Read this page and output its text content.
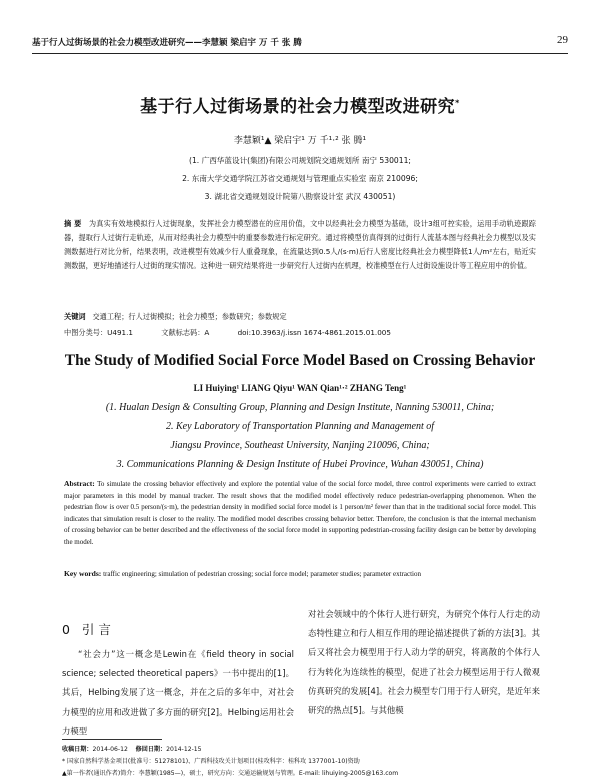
基于行人过街场景的社会力模型改进研究——李慧颖 梁启宇 万 千 张 腾	29
基于行人过街场景的社会力模型改进研究*
李慧颖¹▲ 梁启宇¹ 万 千¹·² 张 腾¹
(1. 广西华蓝设计(集团)有限公司规划院交通规划所 南宁 530011;
2. 东南大学交通学院江苏省交通规划与管理重点实验室 南京 210096;
3. 湖北省交通规划设计院第八勘察设计室 武汉 430051)
摘 要 为真实有效地模拟行人过街现象，发挥社会力模型潜在的应用价值，文中以经典社会力模型为基础，设计3组可控实验，运用手动轨迹跟踪器，提取行人过街行走轨迹，从而对经典社会力模型中的重要参数进行标定研究。通过将模型仿真得到的过街行人流基本图与经典社会力模型以及实测数据进行对比分析，结果表明，改进模型有效减少行人重叠现象，在流量达到0.5人/(s·m)后行人密度比经典社会力模型降低1人/m²左右，贴近实测数据，更好地描述行人过街的现实情况。这种进一研究结果将进一步研究行人过街内在机理，校准模型在行人过街设施设计等工程应用中的价值。
关键词 交通工程；行人过街模拟；社会力模型；参数研究；参数规定
中图分类号：U491.1	文献标志码：A	doi:10.3963/j.issn 1674-4861.2015.01.005
The Study of Modified Social Force Model Based on Crossing Behavior
LI Huiying¹ LIANG Qiyu¹ WAN Qian¹·² ZHANG Teng¹
(1. Hualan Design & Consulting Group, Planning and Design Institute, Nanning 530011, China;
2. Key Laboratory of Transportation Planning and Management of
Jiangsu Province, Southeast University, Nanjing 210096, China;
3. Communications Planning & Design Institute of Hubei Province, Wuhan 430051, China)
Abstract: To simulate the crossing behavior effectively and explore the potential value of the social force model, three control experiments were carried to extract major parameters in this model by manual tracker. The result shows that the modified model effectively reduce pedestrian-overlapping phenomenon. When the pedestrian flow is over 0.5 person/(s·m), the pedestrian density in modified social force model is 1 person/m² fewer than that in the traditional social force model. This indicates that simulation result is closer to the reality. The modified model describes crossing behavior better. Therefore, the conclusion is that the internal mechanism of crossing behavior can be better described and the effectiveness of the social force model in supporting pedestrian-crossing facility design can be better by developing the model.
Key words: traffic engineering; simulation of pedestrian crossing; social force model; parameter studies; parameter extraction
0 引 言
“社会力”这一概念是Lewin在《field theory in social science; selected theoretical papers》一书中提出的[1]。其后，Helbing发展了这一概念，并在之后的多年中，对社会力模型的应用和改进做了多方面的研究[2]。Helbing运用社会力模型
对社会领域中的个体行人进行研究，为研究个体行人行走的动态特性建立和行人相互作用的理论描述提供了新的方法[3]。其后又将社会力模型用于行人动力学的研究，将离散的个体行人行为转化为连续性的模型，促进了社会力模型运用于行人微观仿真研究的发展[4]。社会力模型专门用于行人研究，是近年来研究的热点[5]。与其他模
收稿日期：2014-06-12 修回日期：2014-12-15
* 国家自然科学基金项目(批准号：51278101)、广西科技攻关计划项目(桂攻科字：桂科攻 1377001-10)资助
▲第一作者(通讯作者)简介：李慧颖(1985—)，硕士，研究方向：交通运输规划与管理。E-mail: lihuiying-2005@163.com
